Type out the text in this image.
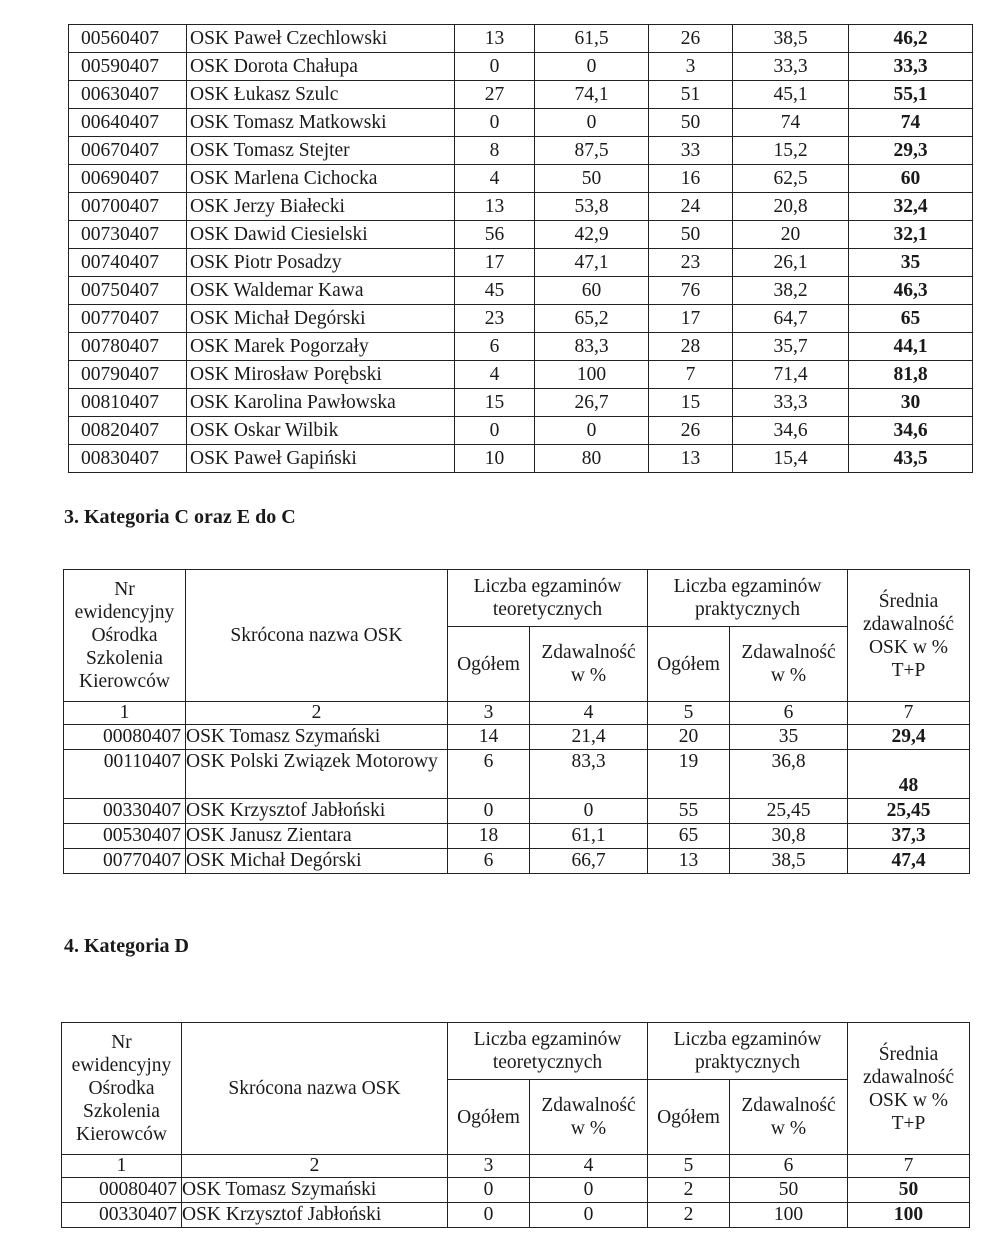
00560407	OSK Paweł Czechlowski	13	61,5	26	38,5	46,2
00590407	OSK Dorota Chałupa	0	0	3	33,3	33,3
00630407	OSK Łukasz Szulc	27	74,1	51	45,1	55,1
00640407	OSK Tomasz Matkowski	0	0	50	74	74
00670407	OSK Tomasz Stejter	8	87,5	33	15,2	29,3
00690407	OSK Marlena Cichocka	4	50	16	62,5	60
00700407	OSK Jerzy Białecki	13	53,8	24	20,8	32,4
00730407	OSK Dawid Ciesielski	56	42,9	50	20	32,1
00740407	OSK Piotr Posadzy	17	47,1	23	26,1	35
00750407	OSK Waldemar Kawa	45	60	76	38,2	46,3
00770407	OSK Michał Degórski	23	65,2	17	64,7	65
00780407	OSK Marek Pogorzały	6	83,3	28	35,7	44,1
00790407	OSK Mirosław Porębski	4	100	7	71,4	81,8
00810407	OSK Karolina Pawłowska	15	26,7	15	33,3	30
00820407	OSK Oskar Wilbik	0	0	26	34,6	34,6
00830407	OSK Paweł Gapiński	10	80	13	15,4	43,5
3. Kategoria C oraz E do C
Nr ewidencyjny Ośrodka Szkolenia Kierowców	Skrócona nazwa OSK	Liczba egzaminów teoretycznych		Liczba egzaminów praktycznych		Średnia zdawalność OSK w % T+P
		Ogółem	Zdawalność w %	Ogółem	Zdawalność w %	
1	2	3	4	5	6	7
00080407	OSK Tomasz Szymański	14	21,4	20	35	29,4
00110407	OSK Polski Związek Motorowy	6	83,3	19	36,8	48
00330407	OSK Krzysztof Jabłoński	0	0	55	25,45	25,45
00530407	OSK Janusz Zientara	18	61,1	65	30,8	37,3
00770407	OSK Michał Degórski	6	66,7	13	38,5	47,4
4. Kategoria D
Nr ewidencyjny Ośrodka Szkolenia Kierowców	Skrócona nazwa OSK	Liczba egzaminów teoretycznych		Liczba egzaminów praktycznych		Średnia zdawalność OSK w % T+P
		Ogółem	Zdawalność w %	Ogółem	Zdawalność w %	
1	2	3	4	5	6	7
00080407	OSK Tomasz Szymański	0	0	2	50	50
00330407	OSK Krzysztof Jabłoński	0	0	2	100	100
